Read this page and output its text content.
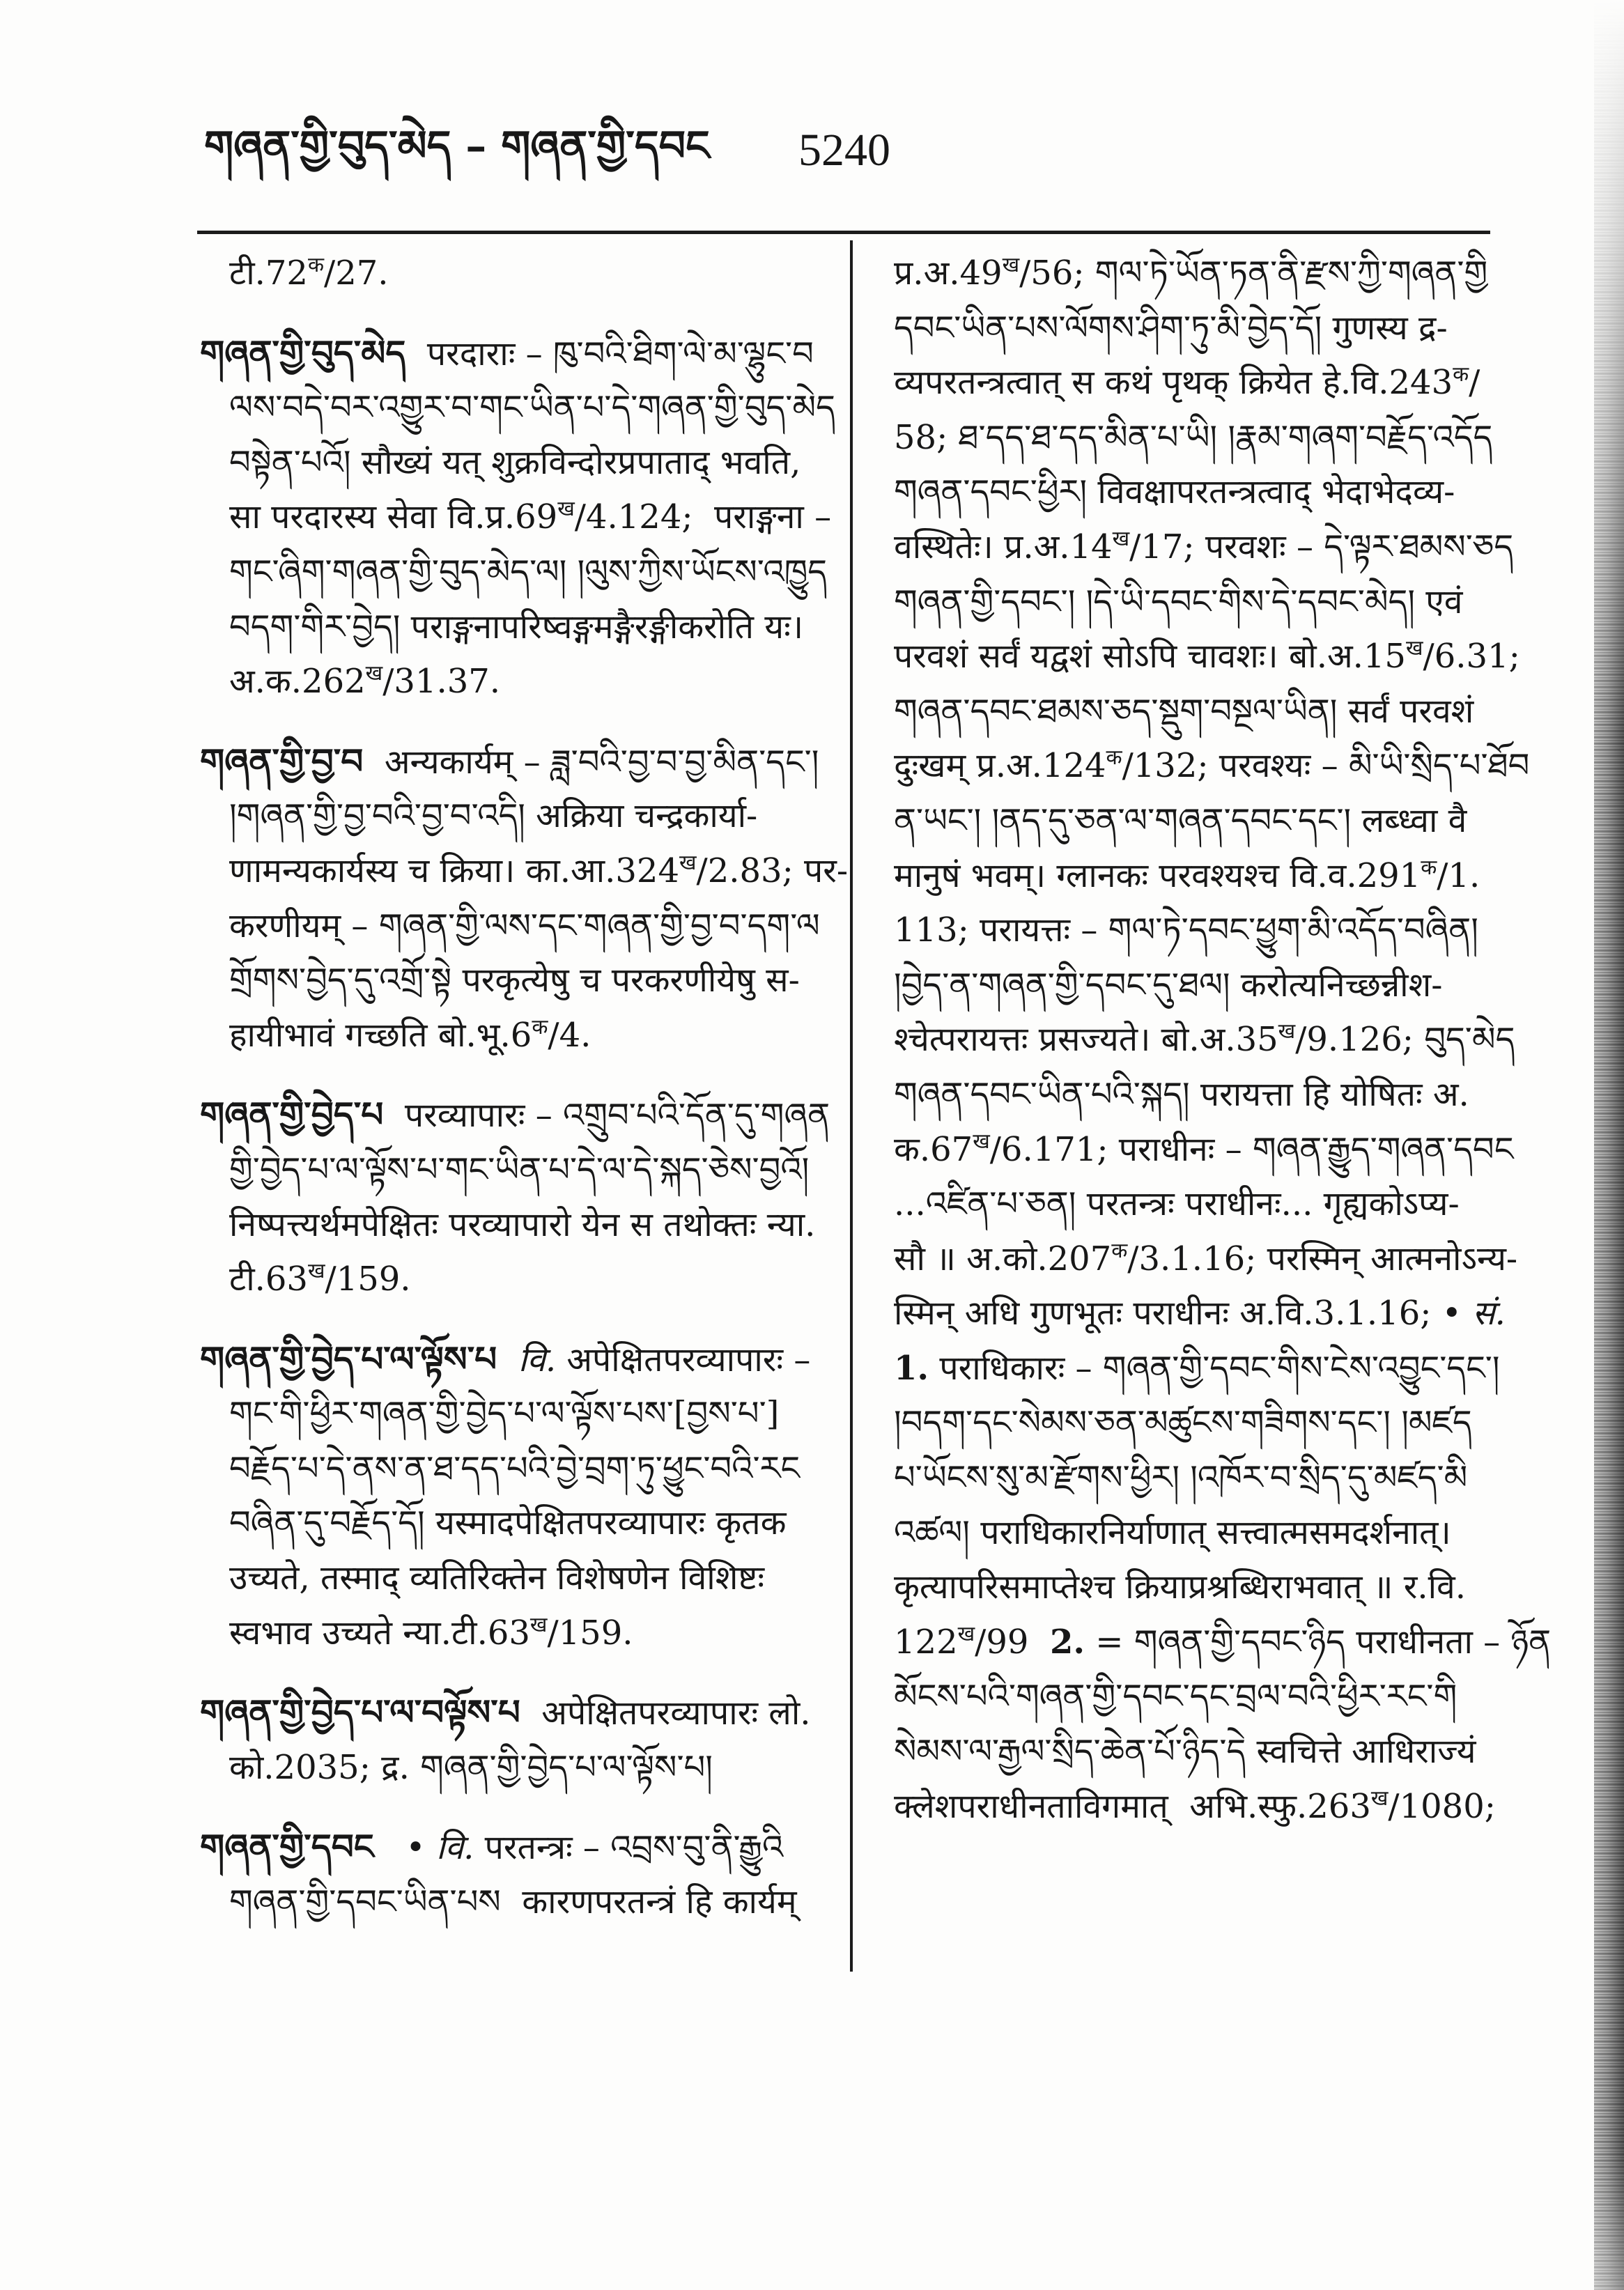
གཞན་གྱི་བུད་མེད – གཞན་གྱི་དབང	5240
$टी.72^क/27$.
གཞན་གྱི་བུད་མེད  परदाराः – ཁུ་བའི་ཐིག་ལེ་མ་ལྷུང་བ
ལས་བདེ་བར་འགྱུར་བ་གང་ཡིན་པ་དེ་གཞན་གྱི་བུད་མེད
བསྟེན་པའོ། सौख्यं यत् शुक्रविन्दोरप्रपाताद् भवति,
सा परदारस्य सेवा $वि.प्र.69^ख/4.124$;  पराङ्गना –
གང་ཞིག་གཞན་གྱི་བུད་མེད་ལ། །ལུས་ཀྱིས་ཡོངས་འཁྱུད
བདག་གིར་བྱེད། पराङ्गनापरिष्वङ्गमङ्गैरङ्गीकरोति यः।
$अ.क.262^ख/31.37$.
གཞན་གྱི་བྱ་བ  अन्यकार्यम् – ཟླ་བའི་བྱ་བ་བྱ་མིན་དང་།
།གཞན་གྱི་བྱ་བའི་བྱ་བ་འདི། अक्रिया चन्द्रकार्या-
णामन्यकार्यस्य च क्रिया। $का.आ.324^ख/2.83$; पर-
करणीयम् – གཞན་གྱི་ལས་དང་གཞན་གྱི་བྱ་བ་དག་ལ
གྲོགས་བྱེད་དུ་འགྲོ་སྟེ परकृत्येषु च परकरणीयेषु स-
हायीभावं गच्छति $बो.भू.6^क/4$.
གཞན་གྱི་བྱེད་པ  परव्यापारः – འགྲུབ་པའི་དོན་དུ་གཞན
གྱི་བྱེད་པ་ལ་ལྟོས་པ་གང་ཡིན་པ་དེ་ལ་དེ་སྐད་ཅེས་བྱའོ།
निष्पत्त्यर्थमपेक्षितः परव्यापारो येन स तथोक्तः न्या.
$टी.63^ख/159$.
གཞན་གྱི་བྱེད་པ་ལ་ལྟོས་པ वि. अपेक्षितपरव्यापारः –
གང་གི་ཕྱིར་གཞན་གྱི་བྱེད་པ་ལ་ལྟོས་པས་[བྱས་པ་]
བརྗོད་པ་དེ་ནས་ན་ཐ་དད་པའི་བྱེ་བྲག་ཏུ་ཕྱུང་བའི་རང
བཞིན་དུ་བརྗོད་དོ། यस्मादपेक्षितपरव्यापारः कृतक
उच्यते, तस्माद् व्यतिरिक्तेन विशेषणेन विशिष्टः
स्वभाव उच्यते $न्या.टी.63^ख/159$.
གཞན་གྱི་བྱེད་པ་ལ་བལྟོས་པ  अपेक्षितपरव्यापारः लो.
को.2035; द्र. གཞན་གྱི་བྱེད་པ་ལ་ལྟོས་པ།
གཞན་གྱི་དབང   • वि. परतन्त्रः – འབྲས་བུ་ནི་རྒྱུའི
གཞན་གྱི་དབང་ཡིན་པས  कारणपरतन्त्रं हि कार्यम्
$प्र.अ.49^ख/56$; གལ་ཏེ་ཡོན་ཏན་ནི་རྫས་ཀྱི་གཞན་གྱི
དབང་ཡིན་པས་ལོགས་ཤིག་ཏུ་མི་བྱེད་དོ། गुणस्य द्र-
व्यपरतन्त्रत्वात् स कथं पृथक् क्रियेत $हे.वि.243^क/$
58; ཐ་དད་ཐ་དད་མིན་པ་ཡི། །རྣམ་གཞག་བརྗོད་འདོད
གཞན་དབང་ཕྱིར། विवक्षापरतन्त्रत्वाद् भेदाभेदव्य-
वस्थितेः। $प्र.अ.14^ख/17$; परवशः – དེ་ལྟར་ཐམས་ཅད
གཞན་གྱི་དབང་། །དེ་ཡི་དབང་གིས་དེ་དབང་མེད། एवं
परवशं सर्वं यद्वशं सोऽपि चावशः। $बो.अ.15^ख/6.31$;
གཞན་དབང་ཐམས་ཅད་སྡུག་བསྔལ་ཡིན། सर्वं परवशं
दुःखम् $प्र.अ.124^क/132$; परवश्यः – མི་ཡི་སྲིད་པ་ཐོབ
ན་ཡང་། །ནད་དུ་ཅན་ལ་གཞན་དབང་དང་། लब्ध्वा वै
मानुषं भवम्। ग्लानकः परवश्यश्च $वि.व.291^क/1$.
113; परायत्तः – གལ་ཏེ་དབང་ཕྱུག་མི་འདོད་བཞིན།
།བྱེད་ན་གཞན་གྱི་དབང་དུ་ཐལ། करोत्यनिच्छन्नीश-
श्चेत्परायत्तः प्रसज्यते। $बो.अ.35^ख/9.126$; བུད་མེད
གཞན་དབང་ཡིན་པའི་སྐད། परायत्ता हि योषितः अ.
$क.67^ख/6.171$; पराधीनः – གཞན་རྒྱུད་གཞན་དབང
...འཛིན་པ་ཅན། परतन्त्रः पराधीनः... गृह्यकोऽप्य-
सौ ॥ $अ.को.207^क/3.1.16$; परस्मिन् आत्मनोऽन्य-
स्मिन् अधि गुणभूतः पराधीनः अ.वि.3.1.16; • सं.
1. पराधिकारः – གཞན་གྱི་དབང་གིས་ངེས་འབྱུང་དང་།
།བདག་དང་སེམས་ཅན་མཚུངས་གཟིགས་དང་། །མཛད
པ་ཡོངས་སུ་མ་རྫོགས་ཕྱིར། །འཁོར་བ་སྲིད་དུ་མཛད་མི
འཚལ། पराधिकारनिर्याणात् सत्त्वात्मसमदर्शनात्।
कृत्यापरिसमाप्तेश्च क्रियाप्रश्रब्धिराभवात् ॥ र.वि.
$122^ख/99$  2. = གཞན་གྱི་དབང་ཉིད पराधीनता – ཉོན
མོངས་པའི་གཞན་གྱི་དབང་དང་བྲལ་བའི་ཕྱིར་རང་གི
སེམས་ལ་རྒྱལ་སྲིད་ཆེན་པོ་ཉིད་དེ स्वचित्ते आधिराज्यं
क्लेशपराधीनताविगमात्  $अभि.स्फु.263^ख/1080$;
